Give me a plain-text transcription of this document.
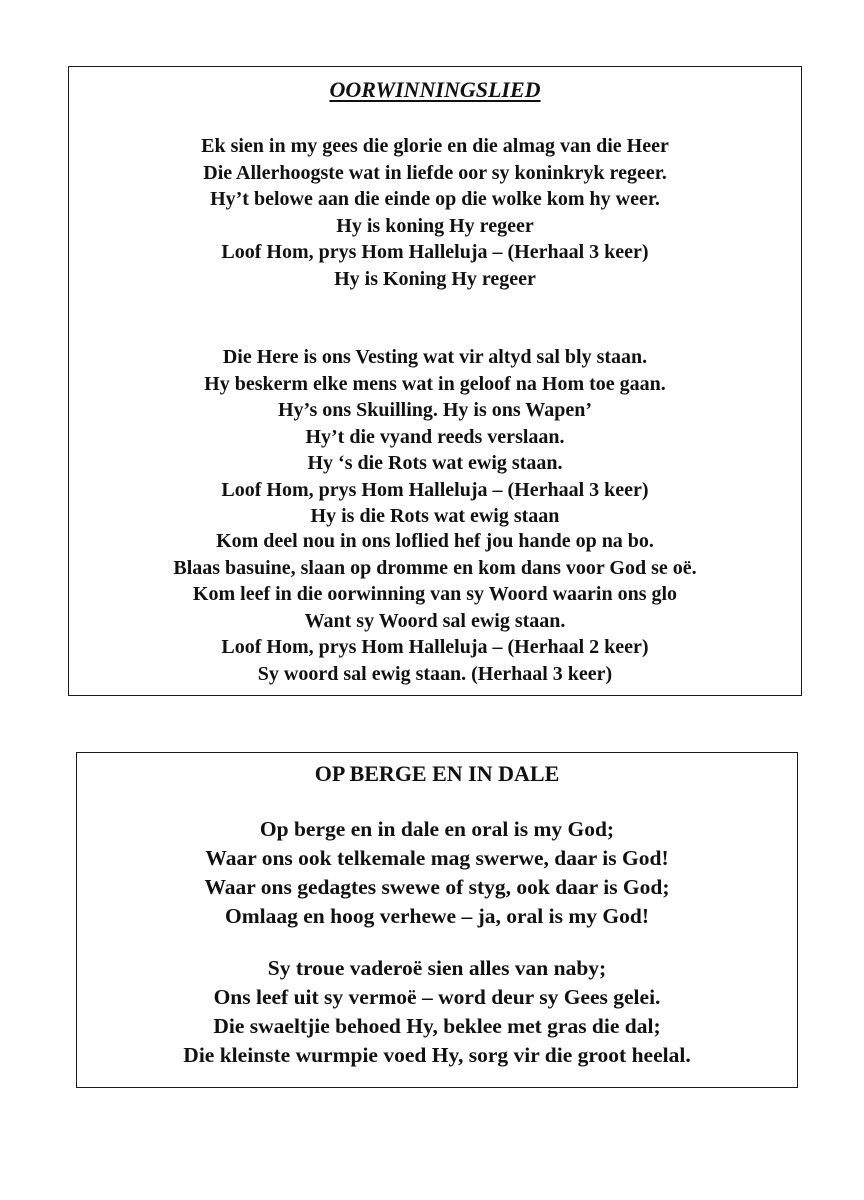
OORWINNINGSLIED
Ek sien in my gees die glorie en die almag van die Heer
Die Allerhoogste wat in liefde oor sy koninkryk regeer.
Hy’t belowe aan die einde op die wolke kom hy weer.
Hy is koning Hy regeer
Loof Hom, prys Hom Halleluja – (Herhaal 3 keer)
Hy is Koning Hy regeer
Die Here is ons Vesting wat vir altyd sal bly staan.
Hy beskerm elke mens wat in geloof na Hom toe gaan.
Hy’s ons Skuilling. Hy is ons Wapen’
Hy’t die vyand reeds verslaan.
Hy ‘s die Rots wat ewig staan.
Loof Hom, prys Hom Halleluja – (Herhaal 3 keer)
Hy is die Rots wat ewig staan
Kom deel nou in ons loflied hef jou hande op na bo.
Blaas basuine, slaan op dromme en kom dans voor God se oë.
Kom leef in die oorwinning van sy Woord waarin ons glo
Want sy Woord sal ewig staan.
Loof Hom, prys Hom Halleluja – (Herhaal 2 keer)
Sy woord sal ewig staan. (Herhaal 3 keer)
OP BERGE EN IN DALE
Op berge en in dale en oral is my God;
Waar ons ook telkemale mag swerwe, daar is God!
Waar ons gedagtes swewe of styg, ook daar is God;
Omlaag en hoog verhewe – ja, oral is my God!
Sy troue vaderoë sien alles van naby;
Ons leef uit sy vermoë – word deur sy Gees gelei.
Die swaeltjie behoed Hy, beklee met gras die dal;
Die kleinste wurmpie voed Hy, sorg vir die groot heelal.
